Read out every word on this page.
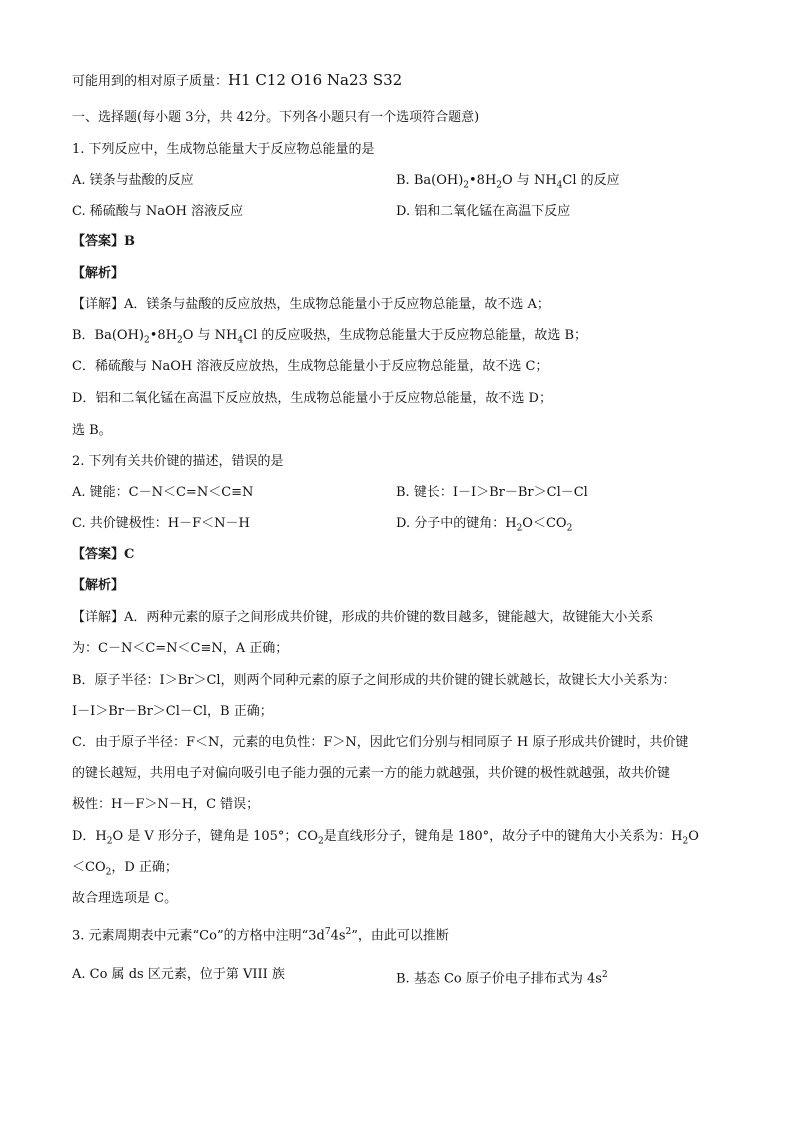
可能用到的相对原子质量：H1 C12 O16 Na23 S32
一、选择题(每小题 3分，共 42分。下列各小题只有一个选项符合题意)
1. 下列反应中，生成物总能量大于反应物总能量的是
A. 镁条与盐酸的反应	B. $Ba(OH)_2•8H_2O$ 与 $NH_4Cl$ 的反应
C. 稀硫酸与 NaOH 溶液反应	D. 铝和二氧化锰在高温下反应
【答案】B
【解析】
【详解】A．镁条与盐酸的反应放热，生成物总能量小于反应物总能量，故不选 A；
B．$Ba(OH)_2•8H_2O$ 与 $NH_4Cl$ 的反应吸热，生成物总能量大于反应物总能量，故选 B；
C．稀硫酸与 NaOH 溶液反应放热，生成物总能量小于反应物总能量，故不选 C；
D．铝和二氧化锰在高温下反应放热，生成物总能量小于反应物总能量，故不选 D；
选 B。
2. 下列有关共价键的描述，错误的是
A. 键能：C－N＜C=N＜C≡N	B. 键长：I－I＞Br－Br＞Cl－Cl
C. 共价键极性：H－F＜N－H	D. 分子中的键角：$H_2O<CO_2$
【答案】C
【解析】
【详解】A．两种元素的原子之间形成共价键，形成的共价键的数目越多，键能越大，故键能大小关系
为：C－N＜C=N＜C≡N，A 正确；
B．原子半径：I＞Br＞Cl，则两个同种元素的原子之间形成的共价键的键长就越长，故键长大小关系为：
I－I＞Br－Br＞Cl－Cl，B 正确；
C．由于原子半径：F＜N，元素的电负性：F＞N，因此它们分别与相同原子 H 原子形成共价键时，共价键
的键长越短，共用电子对偏向吸引电子能力强的元素一方的能力就越强，共价键的极性就越强，故共价键
极性：H－F＞N－H，C 错误；
D．$H_2O$ 是 V 形分子，键角是 105°；$CO_2$是直线形分子，键角是 180°，故分子中的键角大小关系为：$H_2O$
$<CO_2$，D 正确；
故合理选项是 C。
3. 元素周期表中元素“Co”的方格中注明“$3d^74s^2$”，由此可以推断
A. Co 属 ds 区元素，位于第 VIII 族	B. 基态 Co 原子价电子排布式为 $4s^2$
